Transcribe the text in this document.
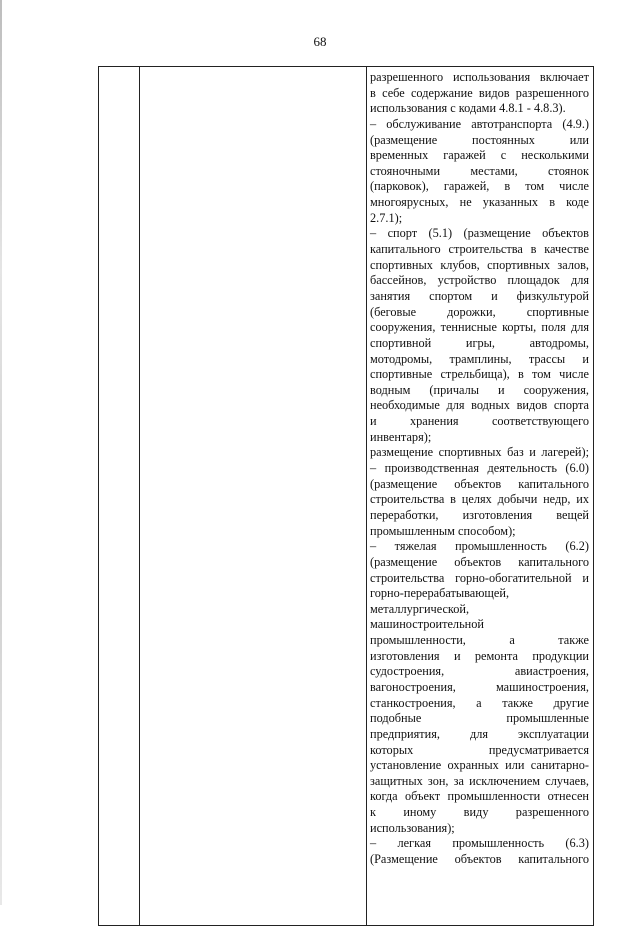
68
разрешенного использования включает
в себе содержание видов разрешенного
использования с кодами 4.8.1 - 4.8.3).
– обслуживание автотранспорта (4.9.)
(размещение постоянных или
временных гаражей с несколькими
стояночными местами, стоянок
(парковок), гаражей, в том числе
многоярусных, не указанных в коде
2.7.1);
– спорт (5.1) (размещение объектов
капитального строительства в качестве
спортивных клубов, спортивных залов,
бассейнов, устройство площадок для
занятия спортом и физкультурой
(беговые дорожки, спортивные
сооружения, теннисные корты, поля для
спортивной игры, автодромы,
мотодромы, трамплины, трассы и
спортивные стрельбища), в том числе
водным (причалы и сооружения,
необходимые для водных видов спорта
и хранения соответствующего
инвентаря);
размещение спортивных баз и лагерей);
– производственная деятельность (6.0)
(размещение объектов капитального
строительства в целях добычи недр, их
переработки, изготовления вещей
промышленным способом);
– тяжелая промышленность (6.2)
(размещение объектов капитального
строительства горно-обогатительной и
горно-перерабатывающей,
металлургической,
машиностроительной
промышленности, а также
изготовления и ремонта продукции
судостроения, авиастроения,
вагоностроения, машиностроения,
станкостроения, а также другие
подобные промышленные
предприятия, для эксплуатации
которых предусматривается
установление охранных или санитарно-
защитных зон, за исключением случаев,
когда объект промышленности отнесен
к иному виду разрешенного
использования);
– легкая промышленность (6.3)
(Размещение объектов капитального
